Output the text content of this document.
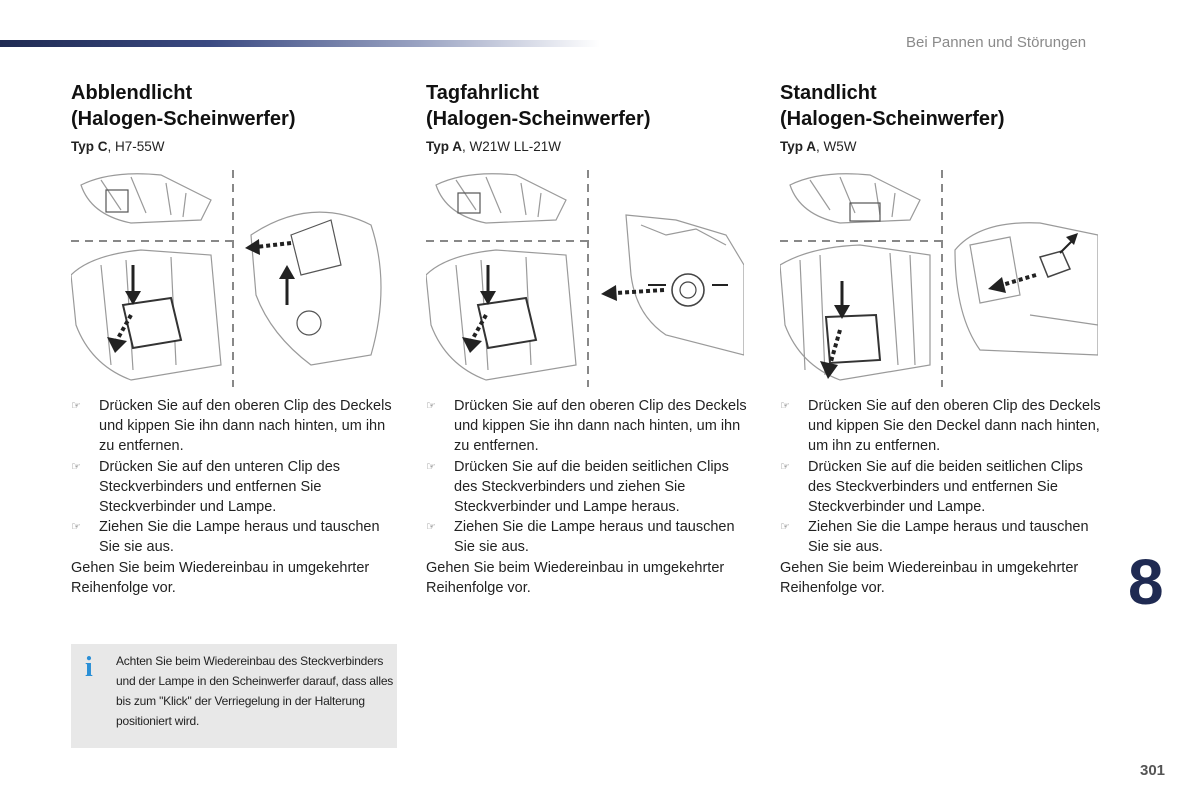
Bei Pannen und Störungen
Abblendlicht
(Halogen-Scheinwerfer)
Typ C, H7-55W
☞ Drücken Sie auf den oberen Clip des Deckels und kippen Sie ihn dann nach hinten, um ihn zu entfernen.
☞ Drücken Sie auf den unteren Clip des Steckverbinders und entfernen Sie Steckverbinder und Lampe.
☞ Ziehen Sie die Lampe heraus und tauschen Sie sie aus.
Gehen Sie beim Wiedereinbau in umgekehrter Reihenfolge vor.
Tagfahrlicht
(Halogen-Scheinwerfer)
Typ A, W21W LL-21W
☞ Drücken Sie auf den oberen Clip des Deckels und kippen Sie ihn dann nach hinten, um ihn zu entfernen.
☞ Drücken Sie auf die beiden seitlichen Clips des Steckverbinders und ziehen Sie Steckverbinder und Lampe heraus.
☞ Ziehen Sie die Lampe heraus und tauschen Sie sie aus.
Gehen Sie beim Wiedereinbau in umgekehrter Reihenfolge vor.
Standlicht
(Halogen-Scheinwerfer)
Typ A, W5W
☞ Drücken Sie auf den oberen Clip des Deckels und kippen Sie den Deckel dann nach hinten, um ihn zu entfernen.
☞ Drücken Sie auf die beiden seitlichen Clips des Steckverbinders und entfernen Sie Steckverbinder und Lampe.
☞ Ziehen Sie die Lampe heraus und tauschen Sie sie aus.
Gehen Sie beim Wiedereinbau in umgekehrter Reihenfolge vor.
i Achten Sie beim Wiedereinbau des Steckverbinders und der Lampe in den Scheinwerfer darauf, dass alles bis zum "Klick" der Verriegelung in der Halterung positioniert wird.
8
301
